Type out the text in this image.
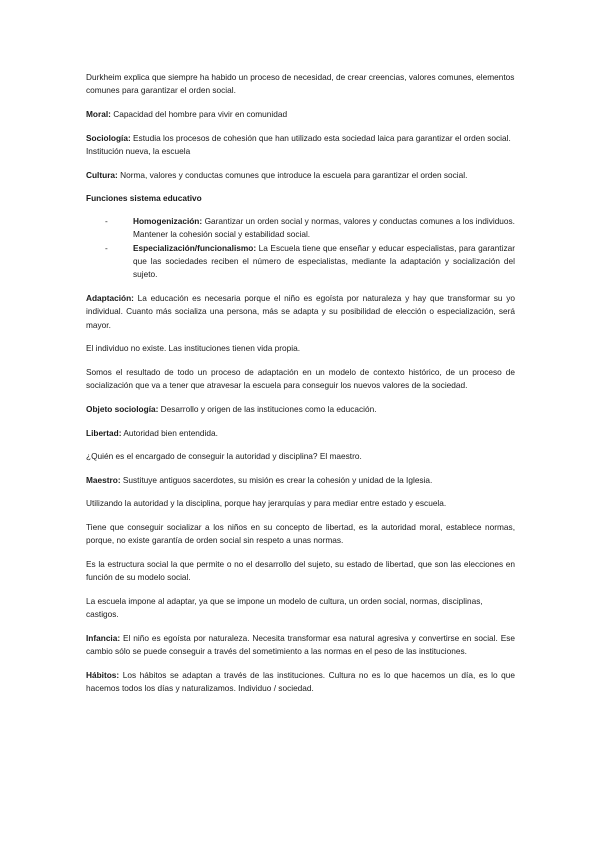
Durkheim explica que siempre ha habido un proceso de necesidad, de crear creencias, valores comunes, elementos comunes para garantizar el orden social.

Moral: Capacidad del hombre para vivir en comunidad

Sociología: Estudia los procesos de cohesión que han utilizado esta sociedad laica para garantizar el orden social. Institución nueva, la escuela

Cultura: Norma, valores y conductas comunes que introduce la escuela para garantizar el orden social.

Funciones sistema educativo
-	Homogenización: Garantizar un orden social y normas, valores y conductas comunes a los individuos. Mantener la cohesión social y estabilidad social.
-	Especialización/funcionalismo: La Escuela tiene que enseñar y educar especialistas, para garantizar que las sociedades reciben el número de especialistas, mediante la adaptación y socialización del sujeto.

Adaptación: La educación es necesaria porque el niño es egoísta por naturaleza y hay que transformar su yo individual. Cuanto más socializa una persona, más se adapta y su posibilidad de elección o especialización, será mayor.

El individuo no existe. Las instituciones tienen vida propia.

Somos el resultado de todo un proceso de adaptación en un modelo de contexto histórico, de un proceso de socialización que va a tener que atravesar la escuela para conseguir los nuevos valores de la sociedad.

Objeto sociología: Desarrollo y origen de las instituciones como la educación.

Libertad: Autoridad bien entendida.

¿Quién es el encargado de conseguir la autoridad y disciplina? El maestro.

Maestro: Sustituye antiguos sacerdotes, su misión es crear la cohesión y unidad de la Iglesia.

Utilizando la autoridad y la disciplina, porque hay jerarquías y para mediar entre estado y escuela.

Tiene que conseguir socializar a los niños en su concepto de libertad, es la autoridad moral, establece normas, porque, no existe garantía de orden social sin respeto a unas normas.

Es la estructura social la que permite o no el desarrollo del sujeto, su estado de libertad, que son las elecciones en función de su modelo social.

La escuela impone al adaptar, ya que se impone un modelo de cultura, un orden social, normas, disciplinas, castigos.

Infancia: El niño es egoísta por naturaleza. Necesita transformar esa natural agresiva y convertirse en social. Ese cambio sólo se puede conseguir a través del sometimiento a las normas en el peso de las instituciones.

Hábitos: Los hábitos se adaptan a través de las instituciones. Cultura no es lo que hacemos un día, es lo que hacemos todos los días y naturalizamos. Individuo / sociedad.
